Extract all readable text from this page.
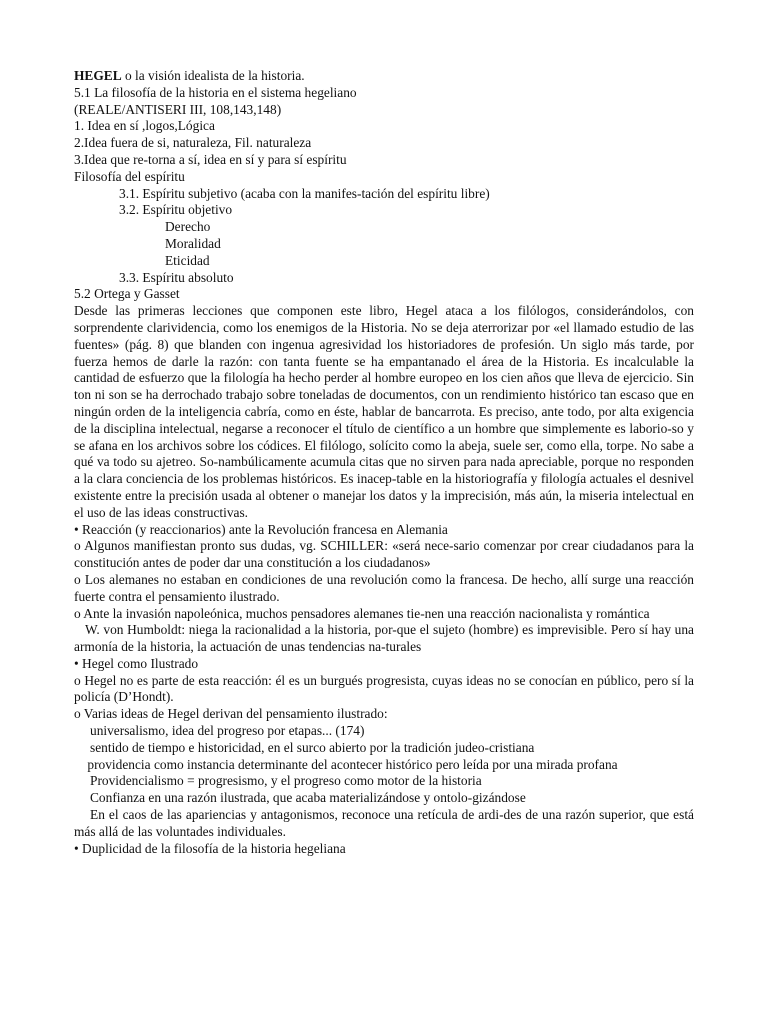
HEGEL o la visión idealista de la historia.
5.1 La filosofía de la historia en el sistema hegeliano
(REALE/ANTISERI III, 108,143,148)
1. Idea en sí ,logos,Lógica
2.Idea fuera de si, naturaleza, Fil. naturaleza
3.Idea que re-torna a sí, idea en sí y para sí espíritu
Filosofía del espíritu
3.1. Espíritu subjetivo (acaba con la manifes-tación del espíritu libre)
3.2. Espíritu objetivo
Derecho
Moralidad
Eticidad
3.3. Espíritu absoluto
5.2 Ortega y Gasset

Desde las primeras lecciones que componen este libro, Hegel ataca a los filólogos, considerándolos, con sorprendente clarividencia, como los enemigos de la Historia. No se deja aterrorizar por «el llamado estudio de las fuentes» (pág. 8) que blanden con ingenua agresividad los historiadores de profesión. Un siglo más tarde, por fuerza hemos de darle la razón: con tanta fuente se ha empantanado el área de la Historia. Es incalculable la cantidad de esfuerzo que la filología ha hecho perder al hombre europeo en los cien años que lleva de ejercicio. Sin ton ni son se ha derrochado trabajo sobre toneladas de documentos, con un rendimiento histórico tan escaso que en ningún orden de la inteligencia cabría, como en éste, hablar de bancarrota. Es preciso, ante todo, por alta exigencia de la disciplina intelectual, negarse a reconocer el título de científico a un hombre que simplemente es laborio-so y se afana en los archivos sobre los códices. El filólogo, solícito como la abeja, suele ser, como ella, torpe. No sabe a qué va todo su ajetreo. So-nambúlicamente acumula citas que no sirven para nada apreciable, porque no responden a la clara conciencia de los problemas históricos. Es inacep-table en la historiografía y filología actuales el desnivel existente entre la precisión usada al obtener o manejar los datos y la imprecisión, más aún, la miseria intelectual en el uso de las ideas constructivas.

• Reacción (y reaccionarios) ante la Revolución francesa en Alemania

o Algunos manifiestan pronto sus dudas, vg. SCHILLER: «será nece-sario comenzar por crear ciudadanos para la constitución antes de poder dar una constitución a los ciudadanos»

o Los alemanes no estaban en condiciones de una revolución como la francesa. De hecho, allí surge una reacción fuerte contra el pensamiento ilustrado.

o Ante la invasión napoleónica, muchos pensadores alemanes tie-nen una reacción nacionalista y romántica

W. von Humboldt: niega la racionalidad a la historia, por-que el sujeto (hombre) es imprevisible. Pero sí hay una armonía de la historia, la actuación de unas tendencias na-turales

• Hegel como Ilustrado

o Hegel no es parte de esta reacción: él es un burgués progresista, cuyas ideas no se conocían en público, pero sí la policía (D’Hondt).

o Varias ideas de Hegel derivan del pensamiento ilustrado:
universalismo, idea del progreso por etapas... (174)
sentido de tiempo e historicidad, en el surco abierto por la tradición judeo-cristiana

providencia como instancia determinante del acontecer histórico pero leída por una mirada profana

Providencialismo = progresismo, y el progreso como motor de la historia
Confianza en una razón ilustrada, que acaba materializándose y ontolo-gizándose

En el caos de las apariencias y antagonismos, reconoce una retícula de ardi-des de una razón superior, que está más allá de las voluntades individuales.

• Duplicidad de la filosofía de la historia hegeliana
